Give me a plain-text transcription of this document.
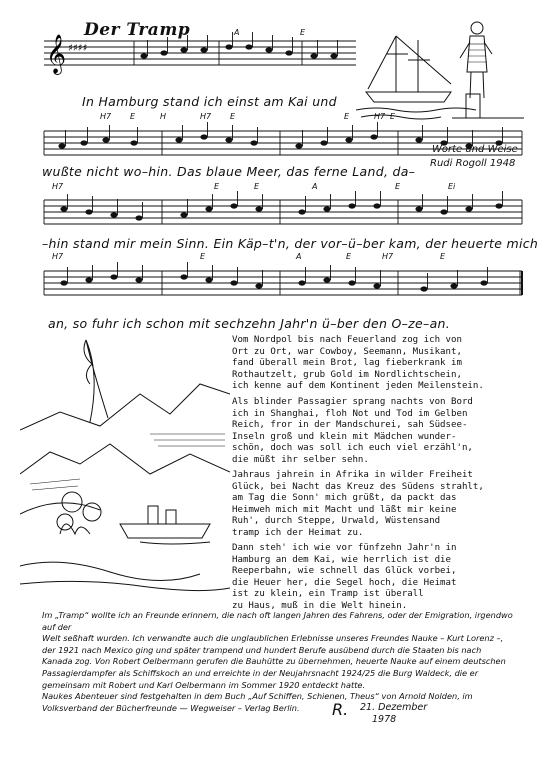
Der Tramp
𝄞 ♯♯♯♯
A	E
In Hamburg stand ich einst am Kai und
H7 E	H	H7 E	E	H7 E
Worte und Weise
Rudi Rogoll 1948
wußte nicht wo–hin. Das blaue Meer, das ferne Land, da–
H7	E	E	A	E	Ei
–hin stand mir mein Sinn. Ein Käp–t'n, der vor–ü–ber kam, der heuerte mich
H7	E	A	E	H7	E
an, so fuhr ich schon mit sechzehn Jahr'n ü–ber den O–ze–an.
Vom Nordpol bis nach Feuerland zog ich von
Ort zu Ort, war Cowboy, Seemann, Musikant,
fand überall mein Brot, lag fieberkrank im
Rothautzelt, grub Gold im Nordlichtschein,
ich kenne auf dem Kontinent jeden Meilenstein.
Als blinder Passagier sprang nachts von Bord
ich in Shanghai, floh Not und Tod im Gelben
Reich, fror in der Mandschurei, sah Südsee-
Inseln groß und klein mit Mädchen wunder-
schön, doch was soll ich euch viel erzähl'n,
die müßt ihr selber sehn.
Jahraus jahrein in Afrika in wilder Freiheit
Glück, bei Nacht das Kreuz des Südens strahlt,
am Tag die Sonn' mich grüßt, da packt das
Heimweh mich mit Macht und läßt mir keine
Ruh', durch Steppe, Urwald, Wüstensand
tramp ich der Heimat zu.
Dann steh' ich wie vor fünfzehn Jahr'n in
Hamburg an dem Kai, wie herrlich ist die
Reeperbahn, wie schnell das Glück vorbei,
die Heuer her, die Segel hoch, die Heimat
ist zu klein, ein Tramp ist überall
zu Haus, muß in die Welt hinein.
Im „Tramp“ wollte ich an Freunde erinnern, die nach oft langen Jahren des Fahrens, oder der Emigration, irgendwo auf der
Welt seßhaft wurden. Ich verwandte auch die unglaublichen Erlebnisse unseres Freundes Nauke – Kurt Lorenz –,
der 1921 nach Mexico ging und später trampend und hundert Berufe ausübend durch die Staaten bis nach
Kanada zog. Von Robert Oelbermann gerufen die Bauhütte zu übernehmen, heuerte Nauke auf einem deutschen
Passagierdampfer als Schiffskoch an und erreichte in der Neujahrsnacht 1924/25 die Burg Waldeck, die er
gemeinsam mit Robert und Karl Oelbermann im Sommer 1920 entdeckt hatte.
Naukes Abenteuer sind festgehalten in dem Buch „Auf Schiffen, Schienen, Theus“ von Arnold Nolden, im
Volksverband der Bücherfreunde — Wegweiser – Verlag Berlin.	R. 21. Dezember
1978
